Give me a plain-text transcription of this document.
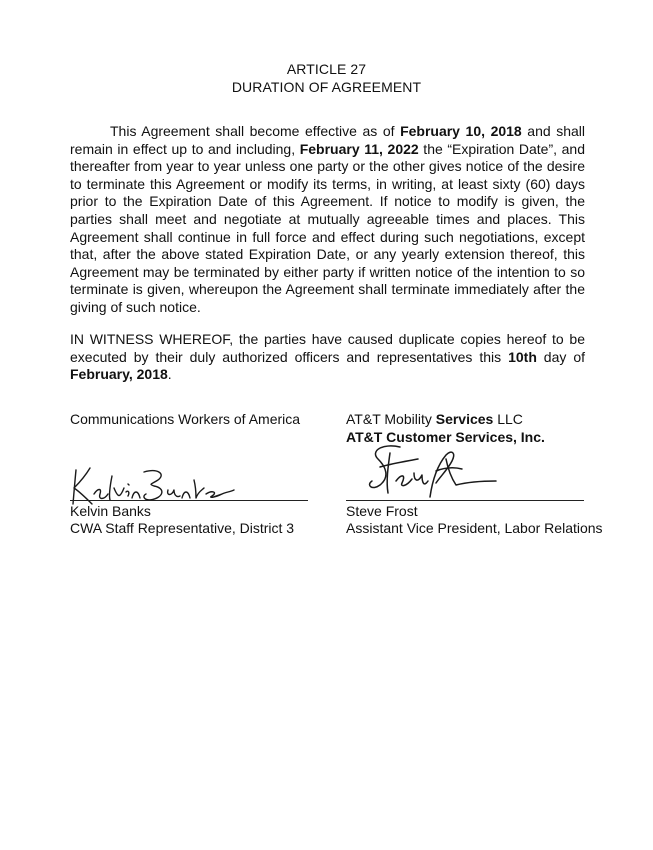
ARTICLE 27
DURATION OF AGREEMENT
This Agreement shall become effective as of February 10, 2018 and shall remain in effect up to and including, February 11, 2022 the “Expiration Date”, and thereafter from year to year unless one party or the other gives notice of the desire to terminate this Agreement or modify its terms, in writing, at least sixty (60) days prior to the Expiration Date of this Agreement. If notice to modify is given, the parties shall meet and negotiate at mutually agreeable times and places. This Agreement shall continue in full force and effect during such negotiations, except that, after the above stated Expiration Date, or any yearly extension thereof, this Agreement may be terminated by either party if written notice of the intention to so terminate is given, whereupon the Agreement shall terminate immediately after the giving of such notice.
IN WITNESS WHEREOF, the parties have caused duplicate copies hereof to be executed by their duly authorized officers and representatives this 10th day of February, 2018.
Communications Workers of America
Kelvin Banks
CWA Staff Representative, District 3
AT&T Mobility Services LLC
AT&T Customer Services, Inc.
Steve Frost
Assistant Vice President, Labor Relations
